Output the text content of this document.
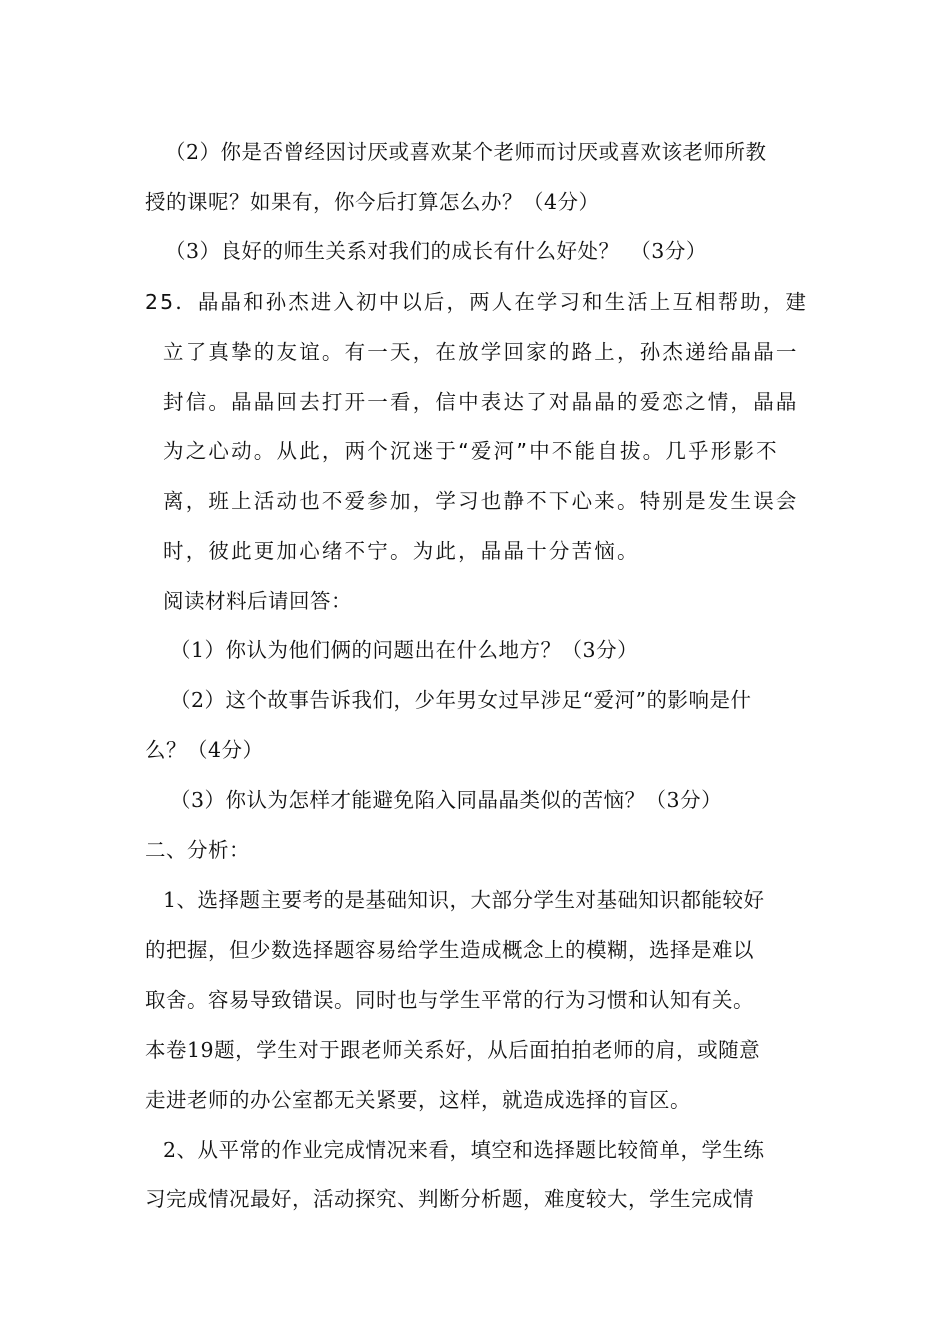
（2）你是否曾经因讨厌或喜欢某个老师而讨厌或喜欢该老师所教
授的课呢？如果有，你今后打算怎么办？（4分）
（3）良好的师生关系对我们的成长有什么好处？　（3分）
25．晶晶和孙杰进入初中以后，两人在学习和生活上互相帮助，建
立了真挚的友谊。有一天，在放学回家的路上，孙杰递给晶晶一
封信。晶晶回去打开一看，信中表达了对晶晶的爱恋之情，晶晶
为之心动。从此，两个沉迷于“爱河”中不能自拔。几乎形影不
离，班上活动也不爱参加，学习也静不下心来。特别是发生误会
时，彼此更加心绪不宁。为此，晶晶十分苦恼。
阅读材料后请回答：
（1）你认为他们俩的问题出在什么地方？（3分）
（2）这个故事告诉我们，少年男女过早涉足“爱河”的影响是什
么？（4分）
（3）你认为怎样才能避免陷入同晶晶类似的苦恼？（3分）
二、分析：
1、选择题主要考的是基础知识，大部分学生对基础知识都能较好
的把握，但少数选择题容易给学生造成概念上的模糊，选择是难以
取舍。容易导致错误。同时也与学生平常的行为习惯和认知有关。
本卷19题，学生对于跟老师关系好，从后面拍拍老师的肩，或随意
走进老师的办公室都无关紧要，这样，就造成选择的盲区。
2、从平常的作业完成情况来看，填空和选择题比较简单，学生练
习完成情况最好，活动探究、判断分析题，难度较大，学生完成情
